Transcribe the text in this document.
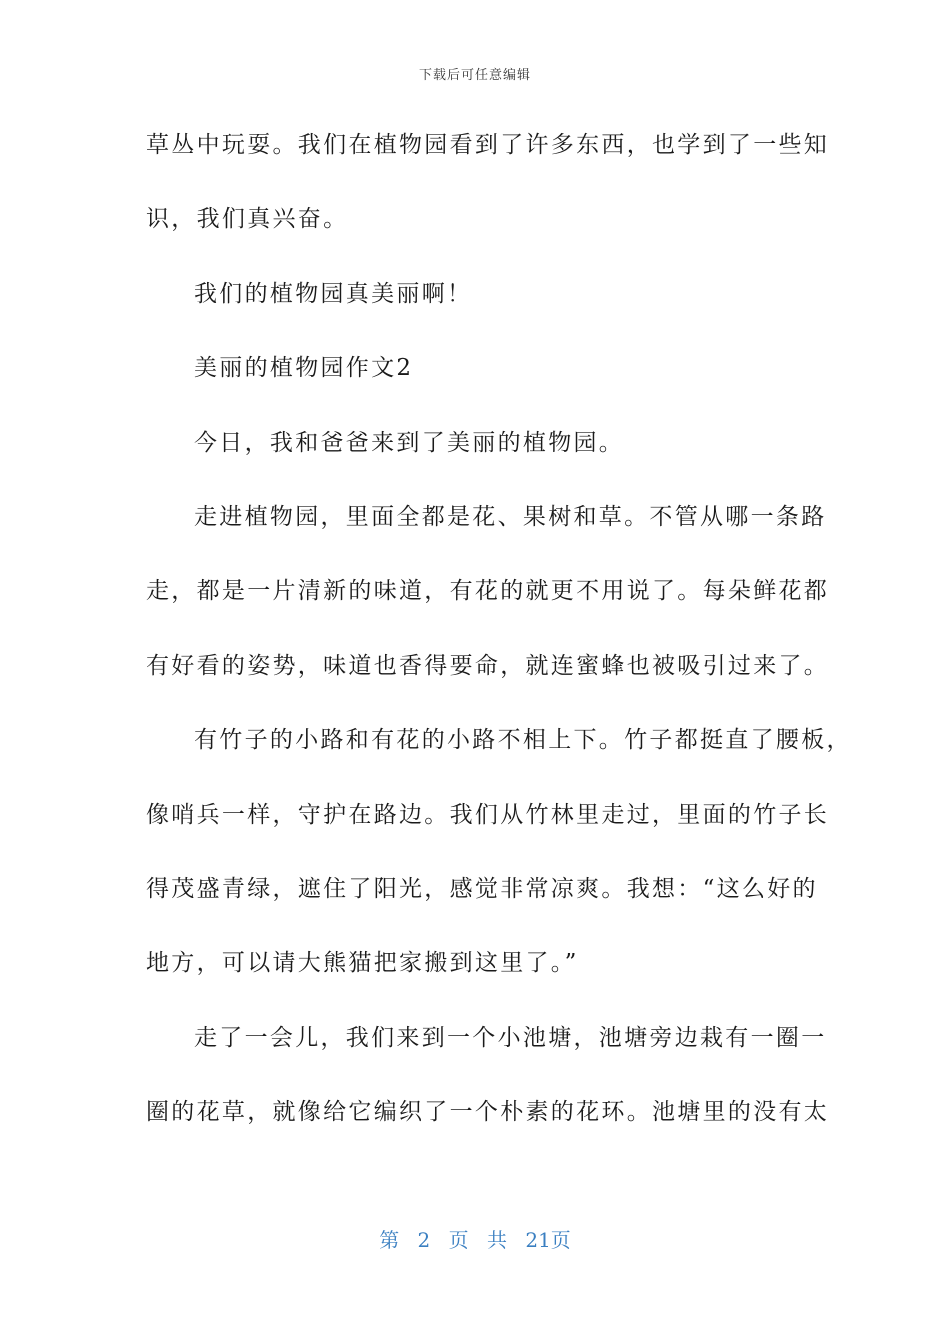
下载后可任意编辑
草丛中玩耍。我们在植物园看到了许多东西，也学到了一些知
识，我们真兴奋。
我们的植物园真美丽啊！
美丽的植物园作文2
今日，我和爸爸来到了美丽的植物园。
走进植物园，里面全都是花、果树和草。不管从哪一条路
走，都是一片清新的味道，有花的就更不用说了。每朵鲜花都
有好看的姿势，味道也香得要命，就连蜜蜂也被吸引过来了。
有竹子的小路和有花的小路不相上下。竹子都挺直了腰板，
像哨兵一样，守护在路边。我们从竹林里走过，里面的竹子长
得茂盛青绿，遮住了阳光，感觉非常凉爽。我想：“这么好的
地方，可以请大熊猫把家搬到这里了。”
走了一会儿，我们来到一个小池塘，池塘旁边栽有一圈一
圈的花草，就像给它编织了一个朴素的花环。池塘里的没有太
第 2 页 共 21页
